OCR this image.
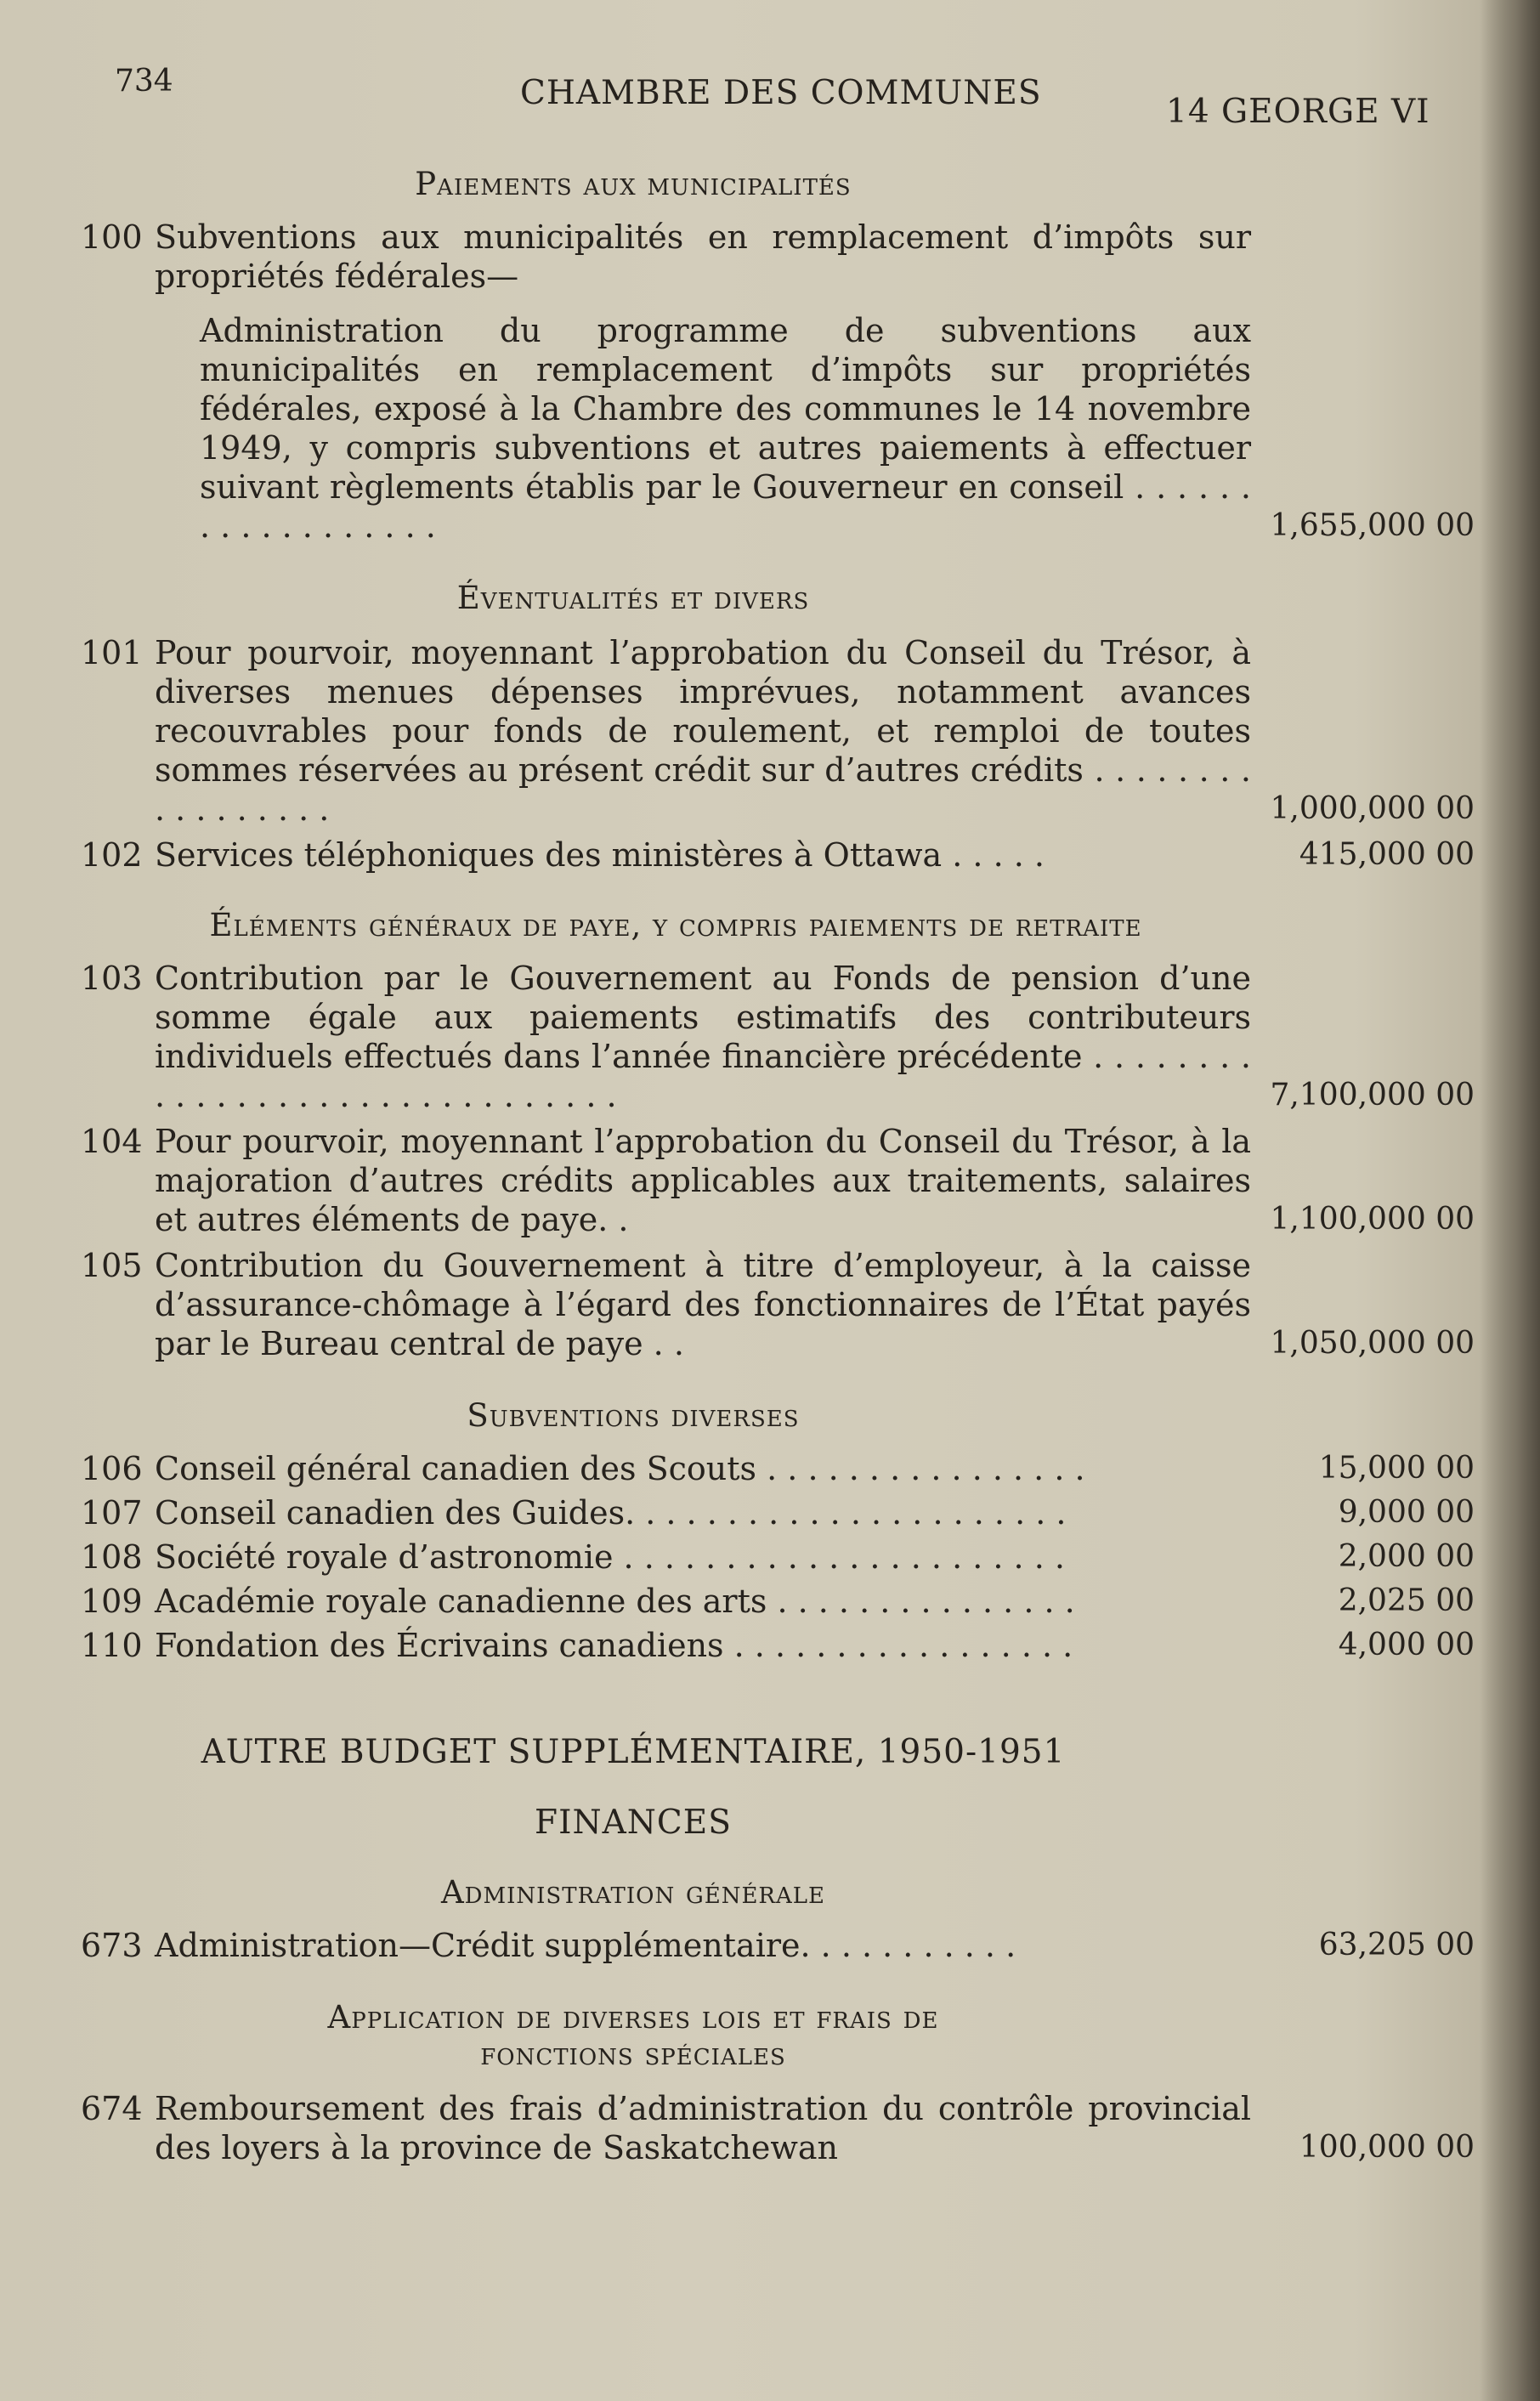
734	CHAMBRE DES COMMUNES	14 GEORGE VI

Paiements aux municipalités

100 Subventions aux municipalités en remplacement d’impôts sur propriétés fédérales—
Administration du programme de subventions aux municipalités en remplacement d’impôts sur propriétés fédérales, exposé à la Chambre des communes le 14 novembre 1949, y compris subventions et autres paiements à effectuer suivant règlements établis par le Gouverneur en conseil . . . . . . . . . . . . . . . . . .	1,655,000 00

Éventualités et divers

101 Pour pourvoir, moyennant l’approbation du Conseil du Trésor, à diverses menues dépenses imprévues, notamment avances recouvrables pour fonds de roulement, et remploi de toutes sommes réservées au présent crédit sur d’autres crédits . . . . . . . . . . . . . . . . .	1,000,000 00
102 Services téléphoniques des ministères à Ottawa . . . . .	415,000 00

Éléments généraux de paye, y compris paiements de retraite

103 Contribution par le Gouvernement au Fonds de pension d’une somme égale aux paiements estimatifs des contributeurs individuels effectués dans l’année financière précédente . . . . . . . . . . . . . . . . . . . . . . . . . . . . . . .	7,100,000 00
104 Pour pourvoir, moyennant l’approbation du Conseil du Trésor, à la majoration d’autres crédits applicables aux traitements, salaires et autres éléments de paye. .	1,100,000 00
105 Contribution du Gouvernement à titre d’employeur, à la caisse d’assurance-chômage à l’égard des fonctionnaires de l’État payés par le Bureau central de paye . .	1,050,000 00

Subventions diverses

106 Conseil général canadien des Scouts . . . . . . . . . . . . . . . .	15,000 00
107 Conseil canadien des Guides. . . . . . . . . . . . . . . . . . . . . .	9,000 00
108 Société royale d’astronomie . . . . . . . . . . . . . . . . . . . . . .	2,000 00
109 Académie royale canadienne des arts . . . . . . . . . . . . . . .	2,025 00
110 Fondation des Écrivains canadiens . . . . . . . . . . . . . . . . .	4,000 00

AUTRE BUDGET SUPPLÉMENTAIRE, 1950-1951

FINANCES

Administration générale

673 Administration—Crédit supplémentaire. . . . . . . . . . .	63,205 00

Application de diverses lois et frais de fonctions spéciales

674 Remboursement des frais d’administration du contrôle provincial des loyers à la province de Saskatchewan	100,000 00
